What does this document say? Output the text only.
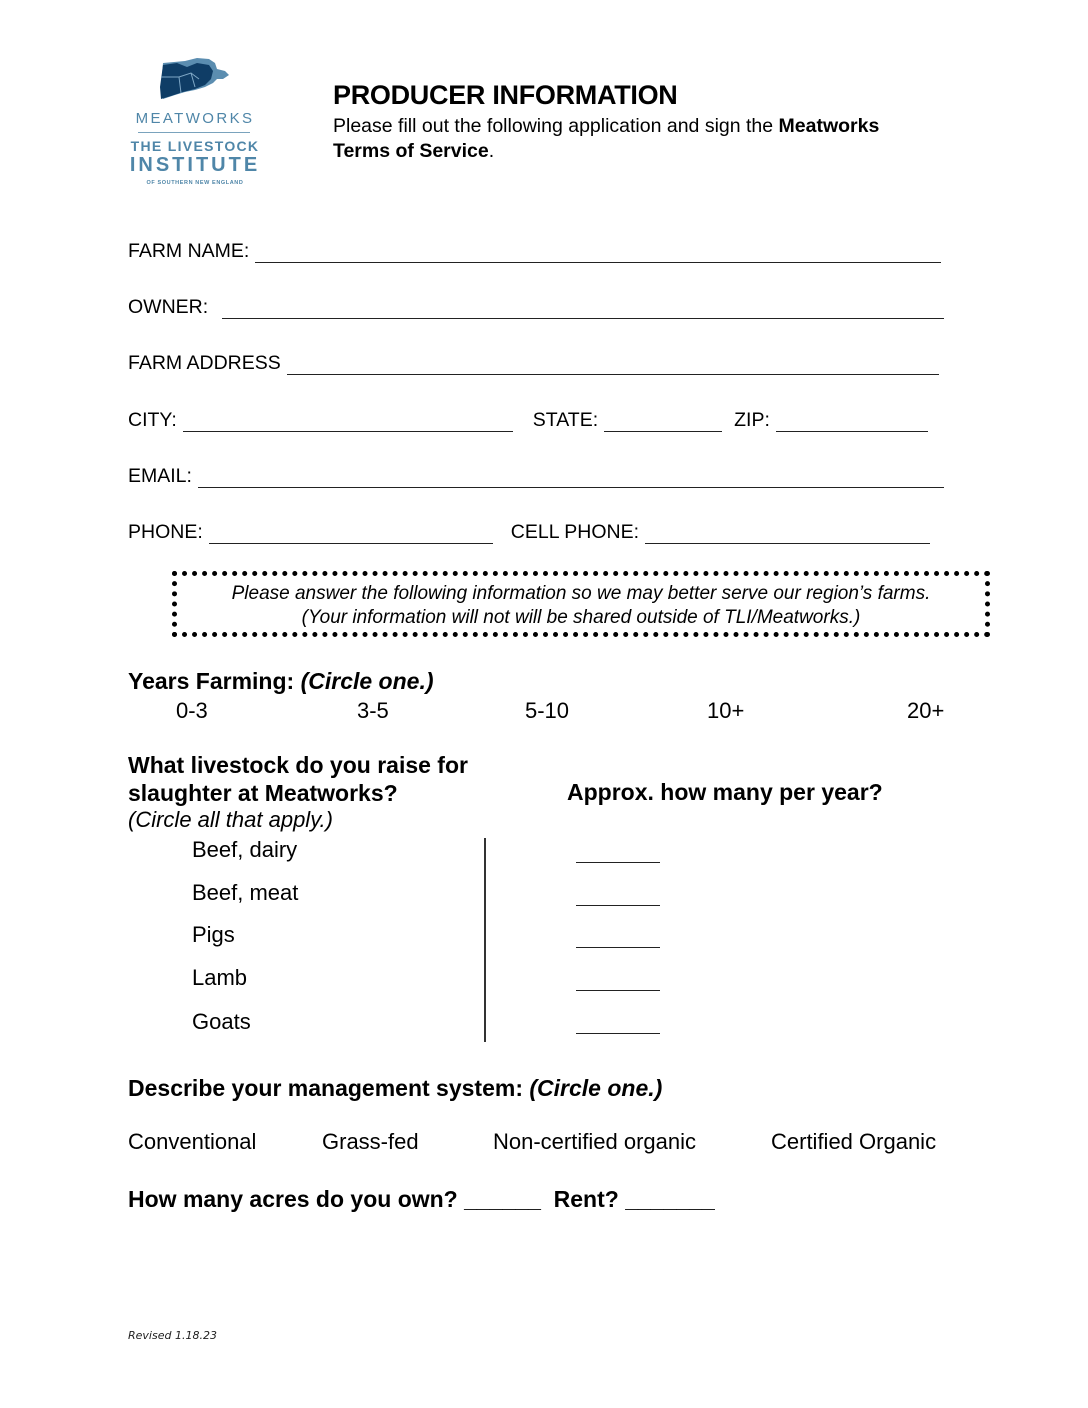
MEATWORKS
THE LIVESTOCK
INSTITUTE
OF SOUTHERN NEW ENGLAND
PRODUCER INFORMATION
Please fill out the following application and sign the Meatworks
Terms of Service.
FARM NAME:
OWNER:
FARM ADDRESS
CITY:	STATE:	ZIP:
EMAIL:
PHONE:	CELL PHONE:
Please answer the following information so we may better serve our region’s farms.
(Your information will not will be shared outside of TLI/Meatworks.)
Years Farming: (Circle one.)
0-3	3-5	5-10	10+	20+
What livestock do you raise for
slaughter at Meatworks?
(Circle all that apply.)
Approx. how many per year?
Beef, dairy
Beef, meat
Pigs
Lamb
Goats
Describe your management system: (Circle one.)
Conventional	Grass-fed	Non-certified organic	Certified Organic
How many acres do you own? ______ Rent? _______
Revised 1.18.23
